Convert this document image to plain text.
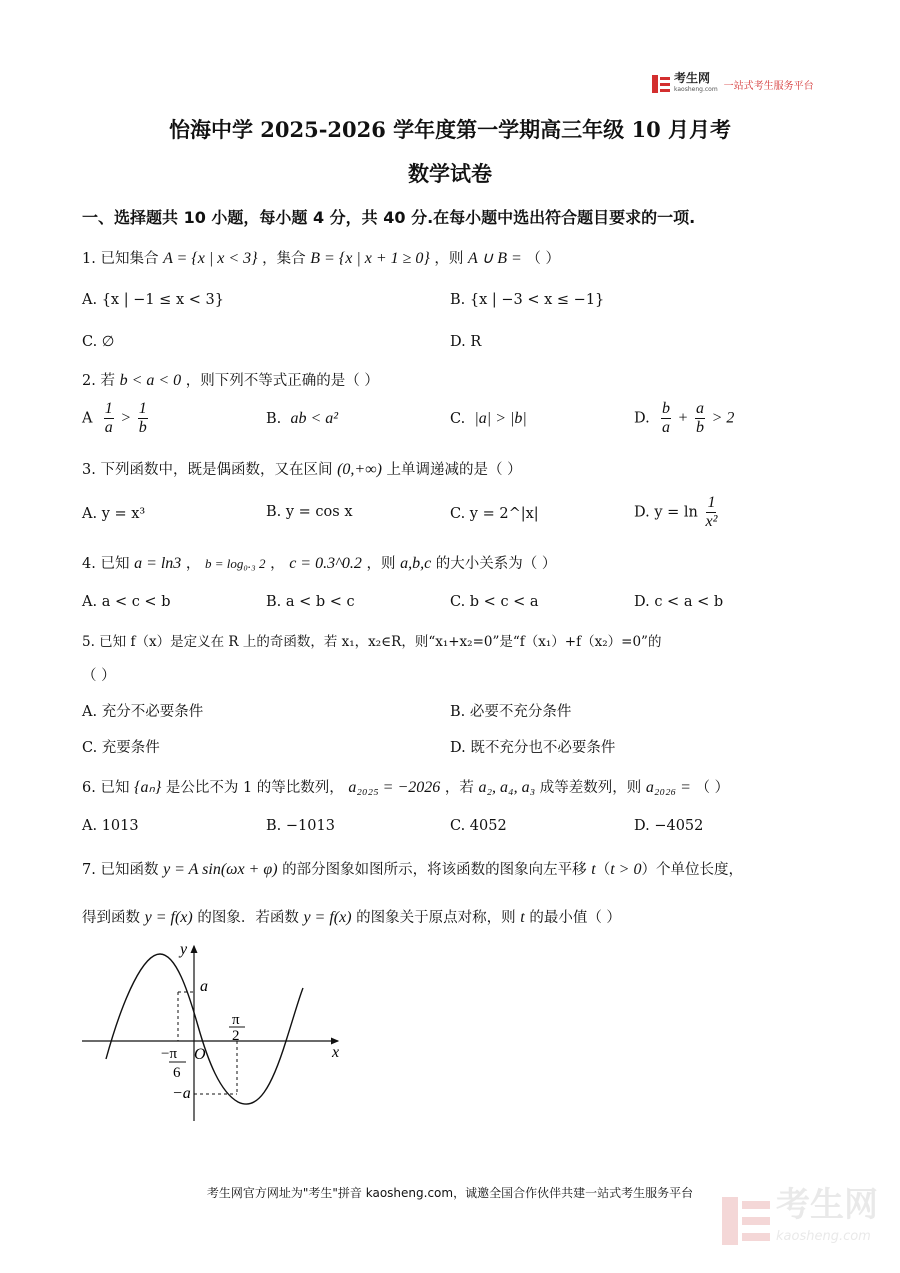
考生网
kaosheng.com 一站式考生服务平台
怡海中学 2025-2026 学年度第一学期高三年级 10 月月考
数学试卷
一、选择题共 10 小题，每小题 4 分，共 40 分.在每小题中选出符合题目要求的一项.
1. 已知集合 A = {x | x < 3} ，集合 B = {x | x + 1 ≥ 0} ，则 A ∪ B = （ ）
A. {x | −1 ≤ x < 3}	B. {x | −3 < x ≤ −1}
C. ∅	D. R
2. 若 b < a < 0 ，则下列不等式正确的是（ ）
A $\frac{1}{a} > \frac{1}{b}$	B. ab < a²	C. |a| > |b|	D. $\frac{b}{a} + \frac{a}{b} > 2$
3. 下列函数中，既是偶函数，又在区间 (0,+∞) 上单调递减的是（ ）
A. y = x³	B. y = cos x	C. y = 2^|x|	D. $y = \ln \frac{1}{\text{x²}}$
4. 已知 a = ln3 ， b = log₀.₃ 2 ， c = 0.3^0.2 ，则 a,b,c 的大小关系为（ ）
A. a < c < b	B. a < b < c	C. b < c < a	D. c < a < b
5. 已知 f（x）是定义在 R 上的奇函数，若 x₁，x₂∈R，则“x₁+x₂=0”是“f（x₁）+f（x₂）=0”的
（ ）
A. 充分不必要条件	B. 必要不充分条件
C. 充要条件	D. 既不充分也不必要条件
6. 已知 {aₙ} 是公比不为 1 的等比数列， a₂₀₂₅ = −2026 ，若 a₂, a₄, a₃ 成等差数列，则 a₂₀₂₆ = （ ）
A. 1013	B. −1013	C. 4052	D. −4052
7. 已知函数 y = A sin(ωx + φ) 的部分图象如图所示，将该函数的图象向左平移 t（t > 0）个单位长度，
得到函数 y = f(x) 的图象．若函数 y = f(x) 的图象关于原点对称，则 t 的最小值（ ）
y
x
O
a
−a
−π
6
π
2
考生网官方网址为"考生"拼音 kaosheng.com，诚邀全国合作伙伴共建一站式考生服务平台	考生网
kaosheng.com
